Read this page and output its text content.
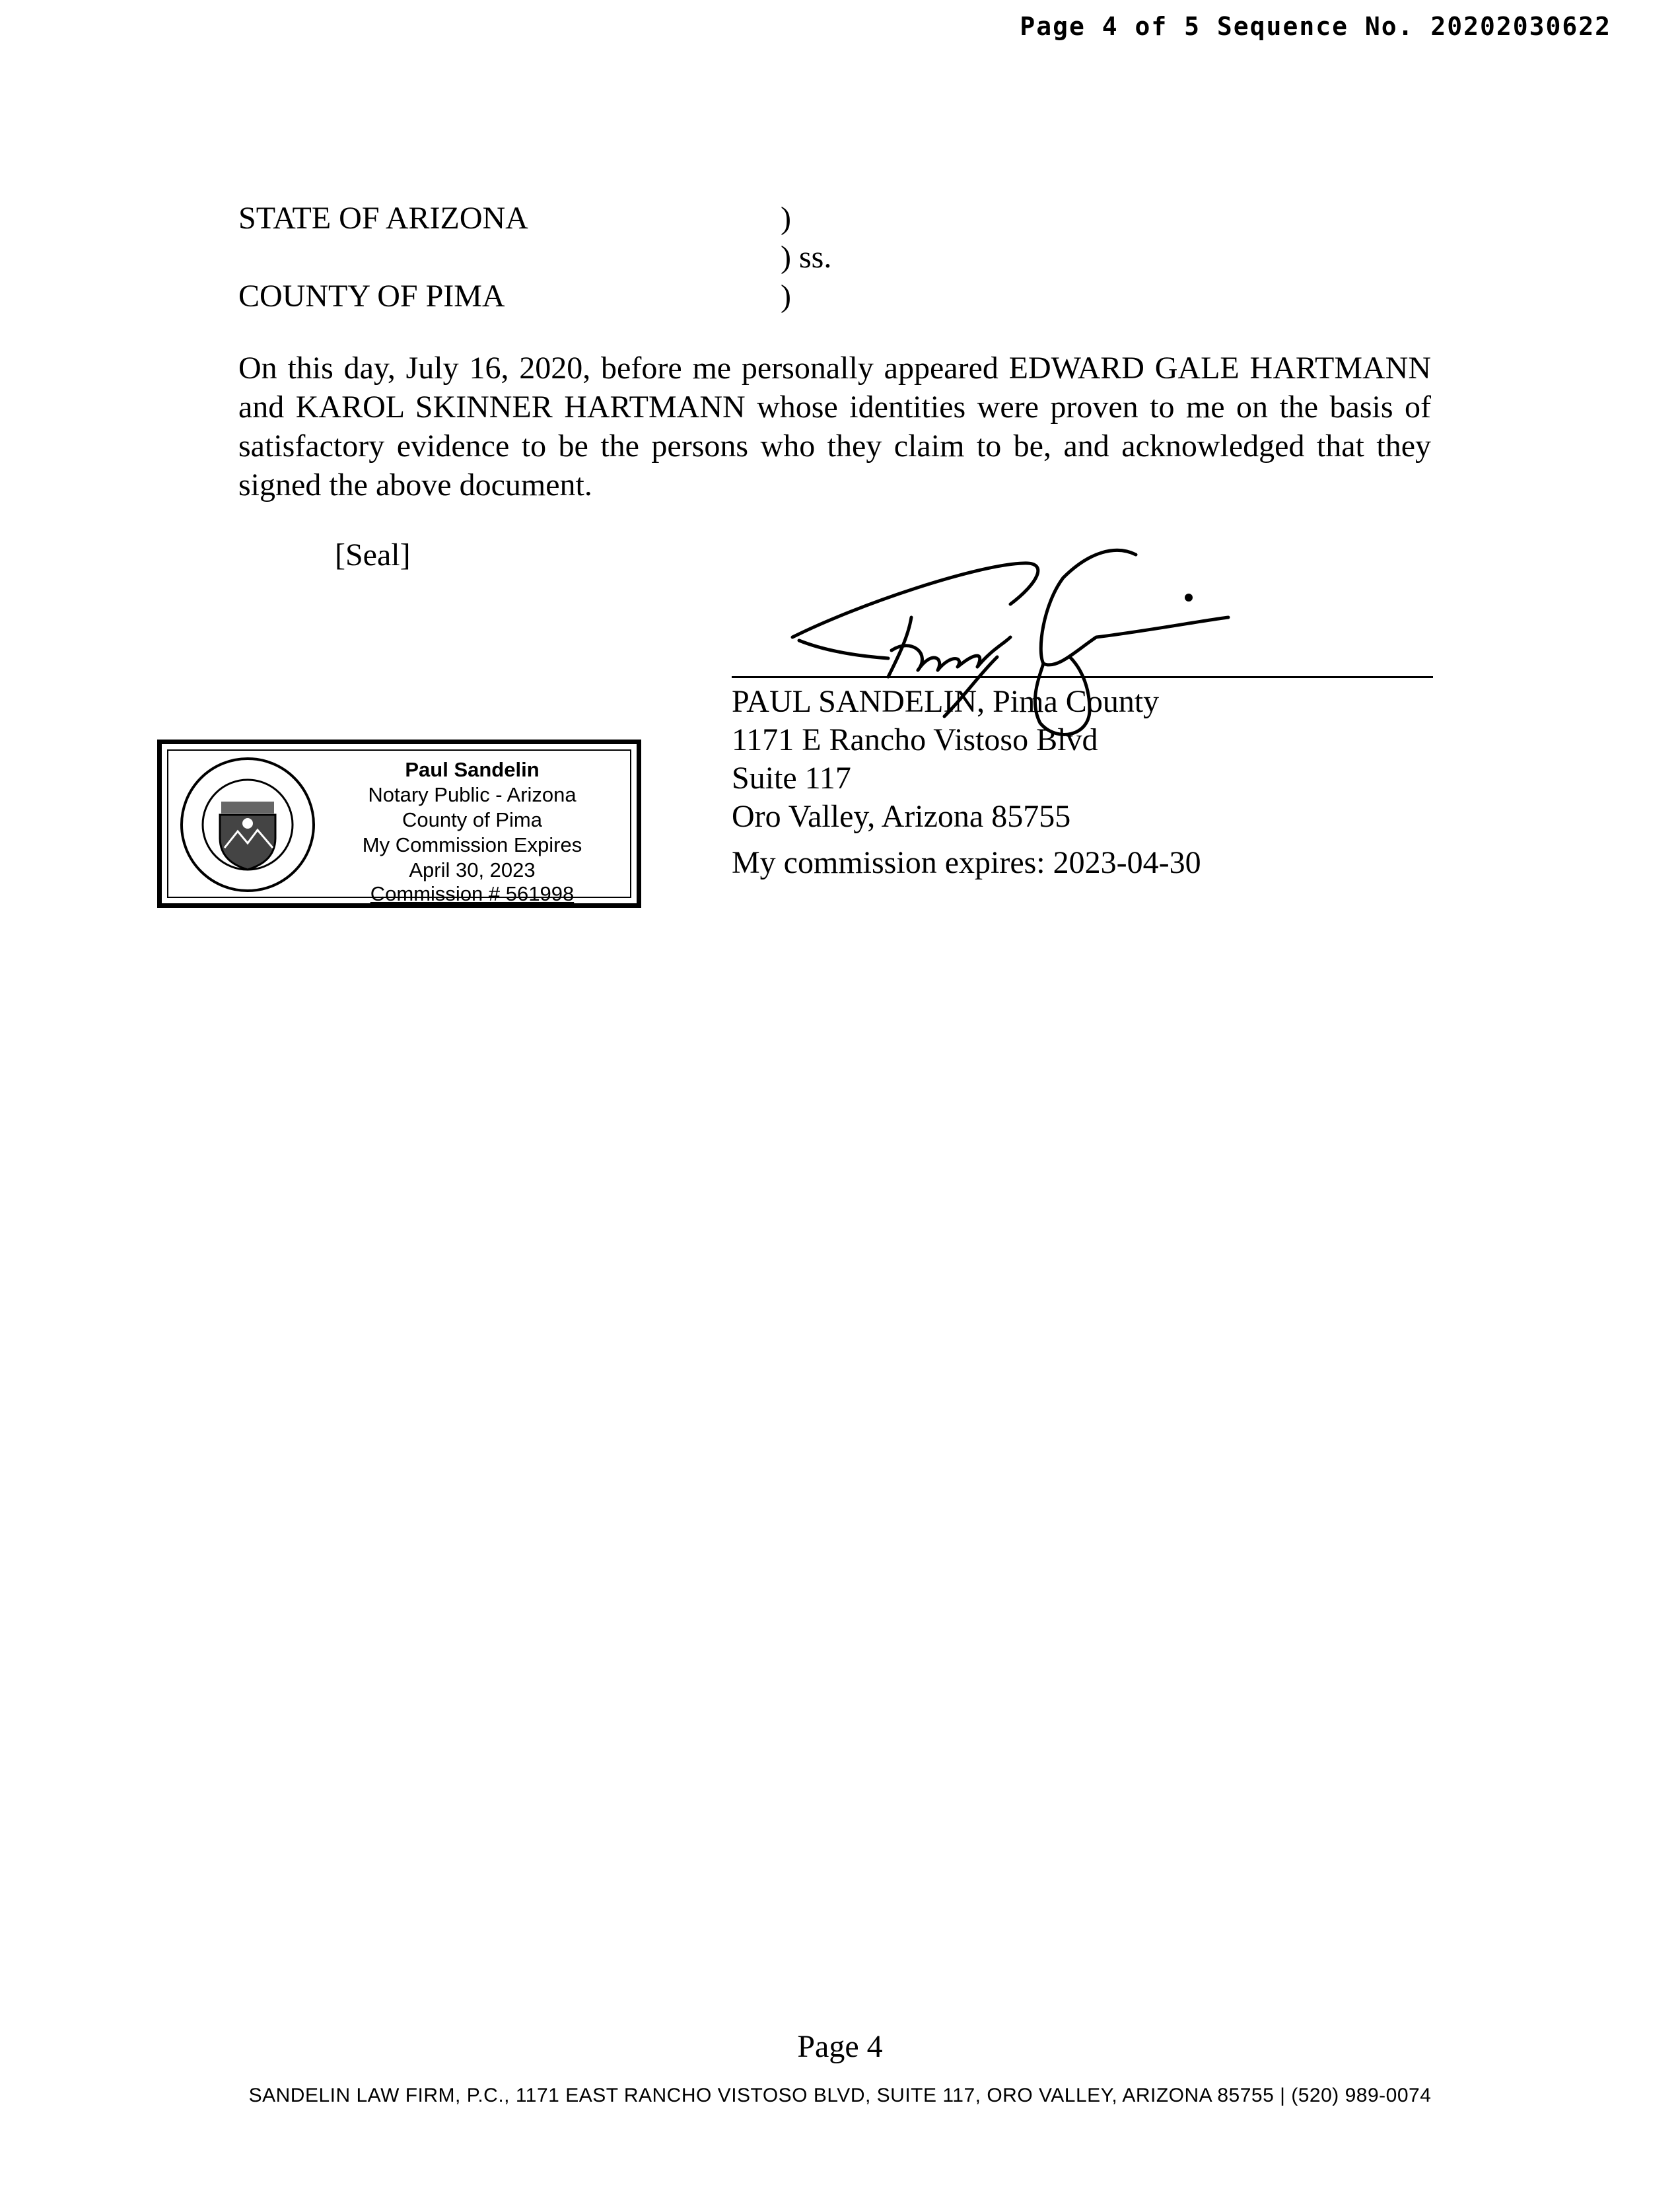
Page 4 of 5 Sequence No. 20202030622
STATE OF ARIZONA
COUNTY OF PIMA
)
) ss.
)
On this day, July 16, 2020, before me personally appeared EDWARD GALE HARTMANN and KAROL SKINNER HARTMANN whose identities were proven to me on the basis of satisfactory evidence to be the persons who they claim to be, and acknowledged that they signed the above document.
[Seal]
PAUL SANDELIN, Pima County
1171 E Rancho Vistoso Blvd
Suite 117
Oro Valley, Arizona 85755
My commission expires: 2023-04-30
Paul Sandelin
Notary Public - Arizona
County of Pima
My Commission Expires
April 30, 2023
Commission # 561998
Page 4
SANDELIN LAW FIRM, P.C., 1171 EAST RANCHO VISTOSO BLVD, SUITE 117, ORO VALLEY, ARIZONA 85755 | (520) 989-0074
